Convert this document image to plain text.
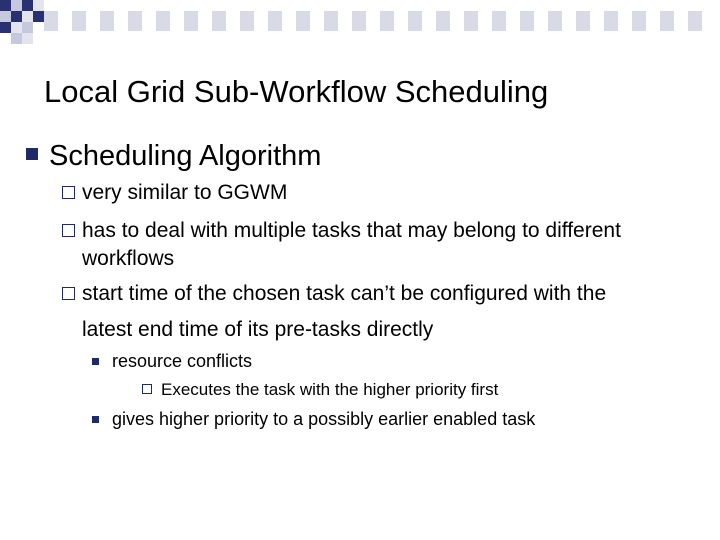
Local Grid Sub-Workflow Scheduling
Scheduling Algorithm
very similar to GGWM
has to deal with multiple tasks that may belong to different
workflows
start time of the chosen task can’t be configured with the
latest end time of its pre-tasks directly
resource conflicts
Executes the task with the higher priority first
gives higher priority to a possibly earlier enabled task
